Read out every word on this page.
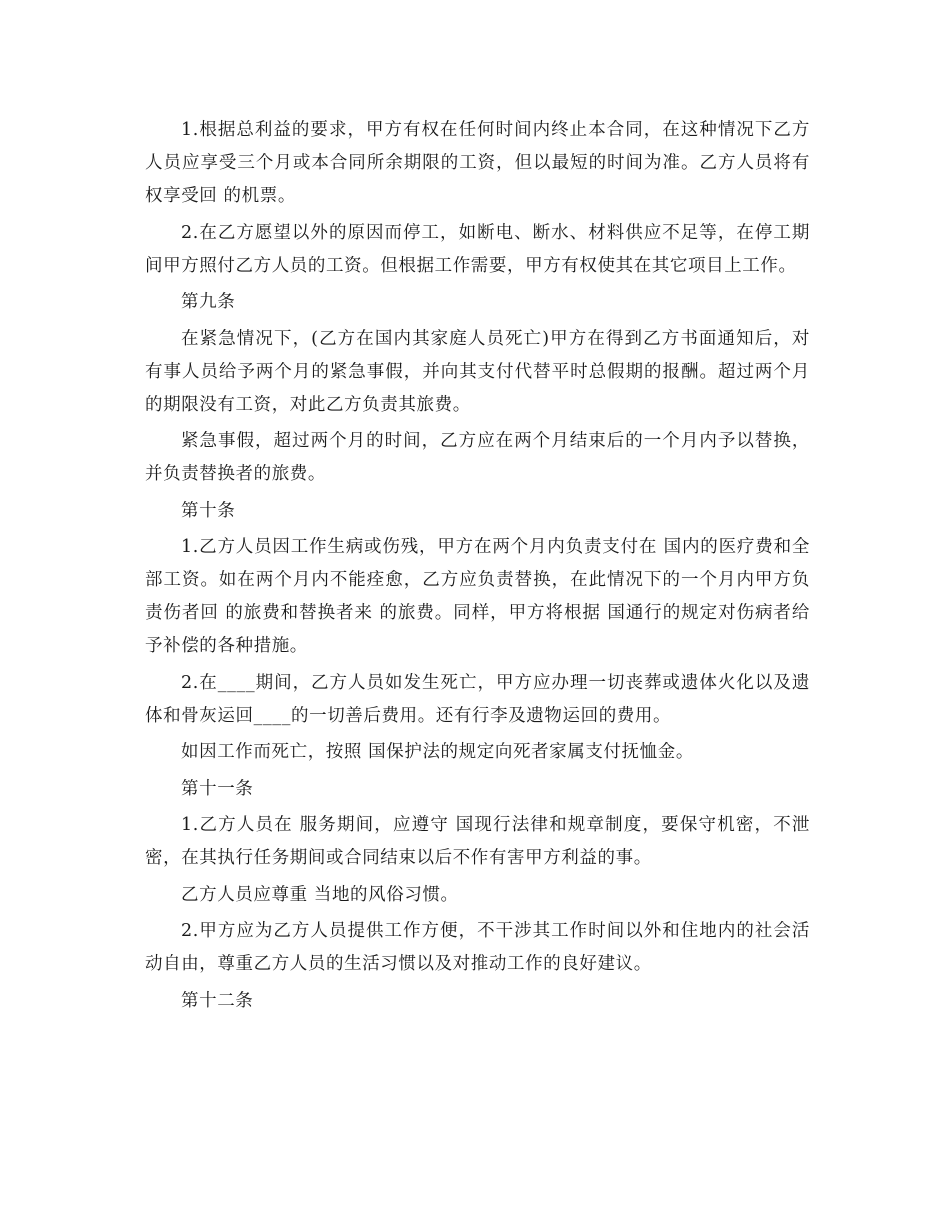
1.根据总利益的要求，甲方有权在任何时间内终止本合同，在这种情况下乙方人员应享受三个月或本合同所余期限的工资，但以最短的时间为准。乙方人员将有权享受回 的机票。

2.在乙方愿望以外的原因而停工，如断电、断水、材料供应不足等，在停工期间甲方照付乙方人员的工资。但根据工作需要，甲方有权使其在其它项目上工作。

第九条

在紧急情况下，(乙方在国内其家庭人员死亡)甲方在得到乙方书面通知后，对有事人员给予两个月的紧急事假，并向其支付代替平时总假期的报酬。超过两个月的期限没有工资，对此乙方负责其旅费。

紧急事假，超过两个月的时间，乙方应在两个月结束后的一个月内予以替换，并负责替换者的旅费。

第十条

1.乙方人员因工作生病或伤残，甲方在两个月内负责支付在 国内的医疗费和全部工资。如在两个月内不能痊愈，乙方应负责替换，在此情况下的一个月内甲方负责伤者回 的旅费和替换者来 的旅费。同样，甲方将根据 国通行的规定对伤病者给予补偿的各种措施。

2.在____期间，乙方人员如发生死亡，甲方应办理一切丧葬或遗体火化以及遗体和骨灰运回____的一切善后费用。还有行李及遗物运回的费用。

如因工作而死亡，按照 国保护法的规定向死者家属支付抚恤金。

第十一条

1.乙方人员在 服务期间，应遵守 国现行法律和规章制度，要保守机密，不泄密，在其执行任务期间或合同结束以后不作有害甲方利益的事。

乙方人员应尊重 当地的风俗习惯。

2.甲方应为乙方人员提供工作方便，不干涉其工作时间以外和住地内的社会活动自由，尊重乙方人员的生活习惯以及对推动工作的良好建议。

第十二条
